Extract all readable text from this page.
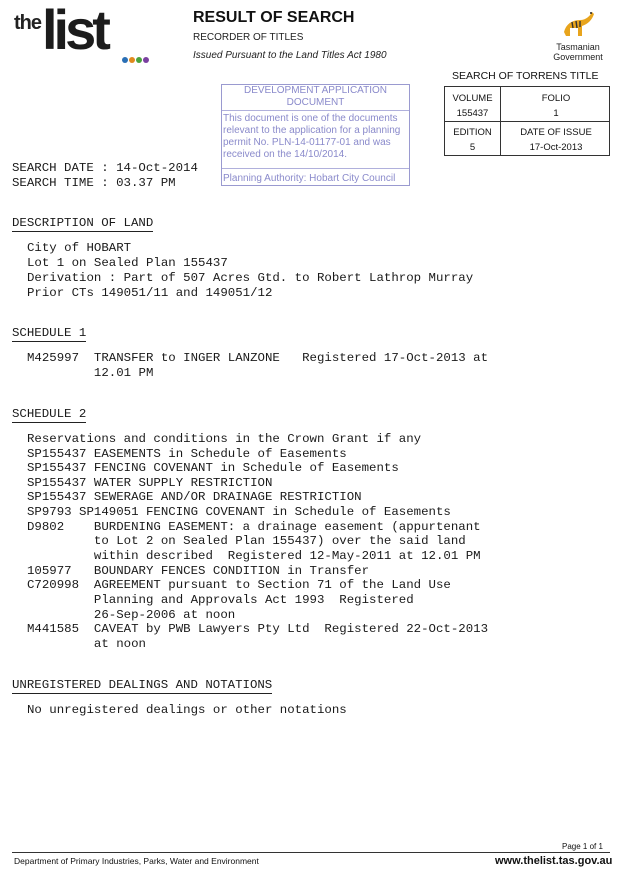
the list	RESULT OF SEARCH
RECORDER OF TITLES
Issued Pursuant to the Land Titles Act 1980
Tasmanian
Government
SEARCH OF TORRENS TITLE
VOLUME
155437
FOLIO
1
EDITION
5
DATE OF ISSUE
17-Oct-2013
DEVELOPMENT APPLICATION
DOCUMENT
This document is one of the documents
relevant to the application for a planning
permit No. PLN-14-01177-01 and was
received on the 14/10/2014.
Planning Authority: Hobart City Council
SEARCH DATE : 14-Oct-2014
SEARCH TIME : 03.37 PM
DESCRIPTION OF LAND
City of HOBART
Lot 1 on Sealed Plan 155437
Derivation : Part of 507 Acres Gtd. to Robert Lathrop Murray
Prior CTs 149051/11 and 149051/12
SCHEDULE 1
M425997  TRANSFER to INGER LANZONE   Registered 17-Oct-2013 at
12.01 PM
SCHEDULE 2
Reservations and conditions in the Crown Grant if any
SP155437 EASEMENTS in Schedule of Easements
SP155437 FENCING COVENANT in Schedule of Easements
SP155437 WATER SUPPLY RESTRICTION
SP155437 SEWERAGE AND/OR DRAINAGE RESTRICTION
SP9793 SP149051 FENCING COVENANT in Schedule of Easements
D9802    BURDENING EASEMENT: a drainage easement (appurtenant
to Lot 2 on Sealed Plan 155437) over the said land
within described  Registered 12-May-2011 at 12.01 PM
105977   BOUNDARY FENCES CONDITION in Transfer
C720998  AGREEMENT pursuant to Section 71 of the Land Use
Planning and Approvals Act 1993  Registered
26-Sep-2006 at noon
M441585  CAVEAT by PWB Lawyers Pty Ltd  Registered 22-Oct-2013
at noon
UNREGISTERED DEALINGS AND NOTATIONS
No unregistered dealings or other notations
Page 1 of 1
Department of Primary Industries, Parks, Water and Environment	www.thelist.tas.gov.au
